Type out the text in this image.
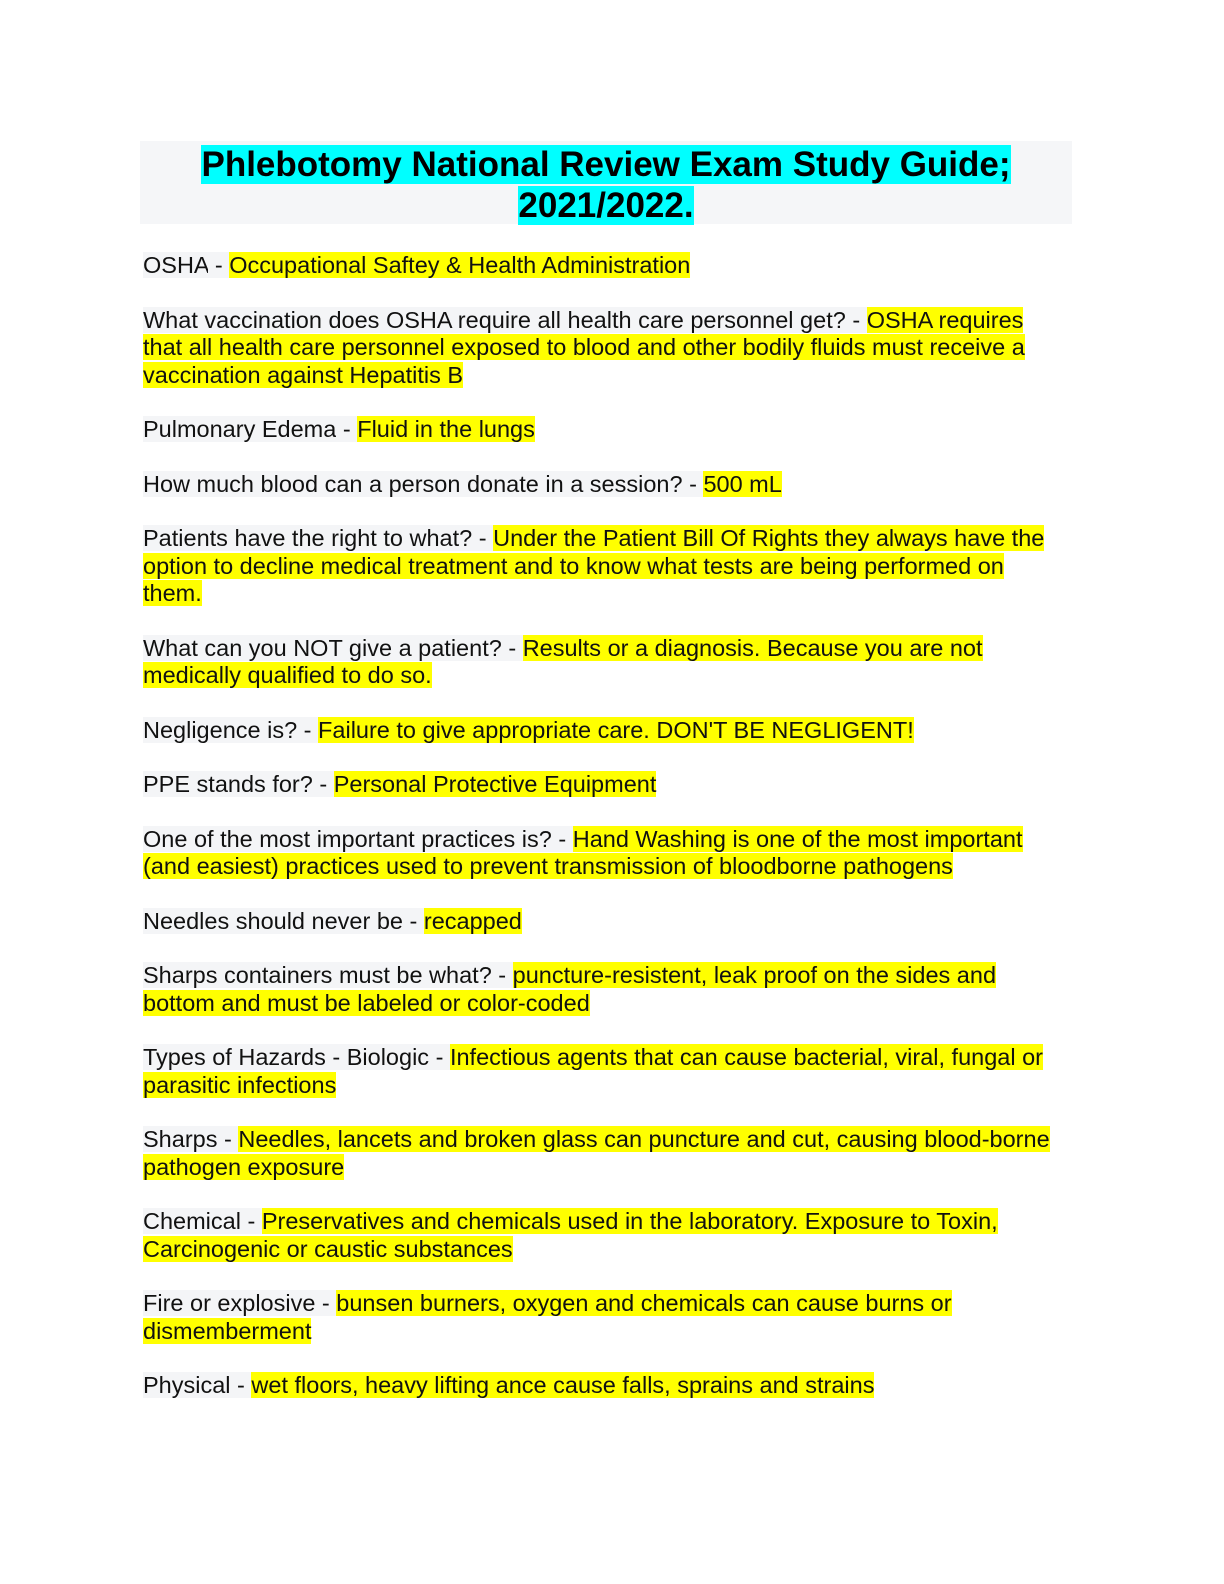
Phlebotomy National Review Exam Study Guide; 2021/2022.

OSHA - Occupational Saftey & Health Administration

What vaccination does OSHA require all health care personnel get? - OSHA requires that all health care personnel exposed to blood and other bodily fluids must receive a vaccination against Hepatitis B

Pulmonary Edema - Fluid in the lungs

How much blood can a person donate in a session? - 500 mL

Patients have the right to what? - Under the Patient Bill Of Rights they always have the option to decline medical treatment and to know what tests are being performed on them.

What can you NOT give a patient? - Results or a diagnosis. Because you are not medically qualified to do so.

Negligence is? - Failure to give appropriate care. DON'T BE NEGLIGENT!

PPE stands for? - Personal Protective Equipment

One of the most important practices is? - Hand Washing is one of the most important (and easiest) practices used to prevent transmission of bloodborne pathogens

Needles should never be - recapped

Sharps containers must be what? - puncture-resistent, leak proof on the sides and bottom and must be labeled or color-coded

Types of Hazards - Biologic - Infectious agents that can cause bacterial, viral, fungal or parasitic infections

Sharps - Needles, lancets and broken glass can puncture and cut, causing blood-borne pathogen exposure

Chemical - Preservatives and chemicals used in the laboratory. Exposure to Toxin, Carcinogenic or caustic substances

Fire or explosive - bunsen burners, oxygen and chemicals can cause burns or dismemberment

Physical - wet floors, heavy lifting ance cause falls, sprains and strains
